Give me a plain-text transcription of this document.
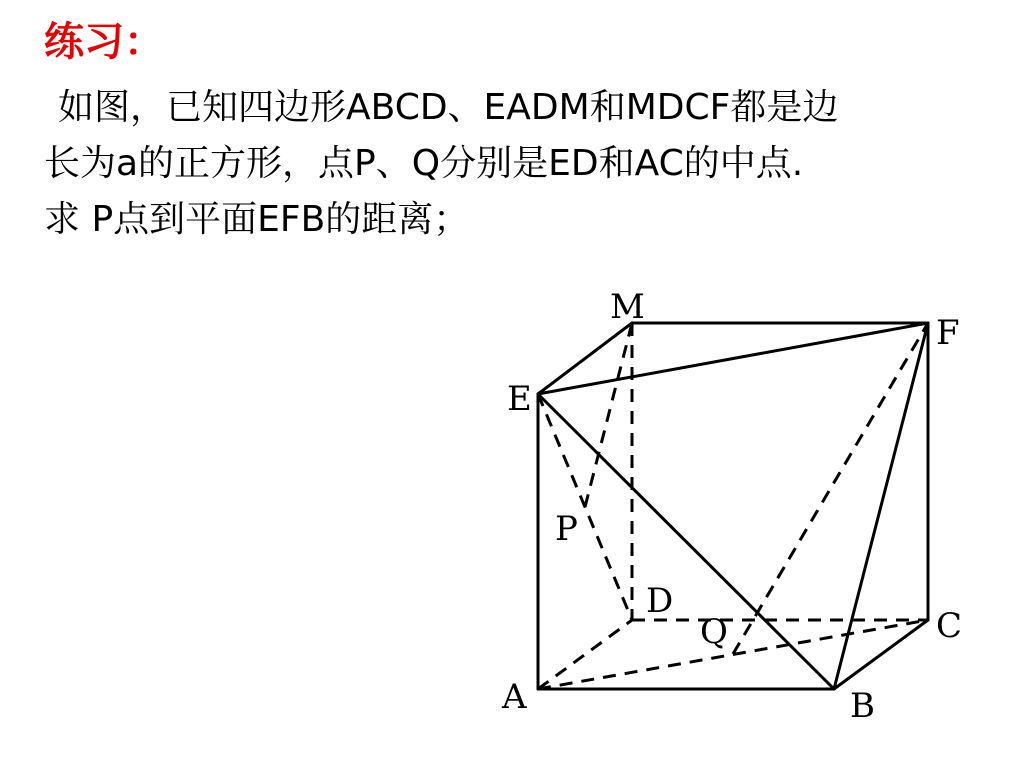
练习：
如图，已知四边形ABCD、EADM和MDCF都是边
长为a的正方形，点P、Q分别是ED和AC的中点.
求 P点到平面EFB的距离；
M
F
E
P
D
Q	C
A	B
